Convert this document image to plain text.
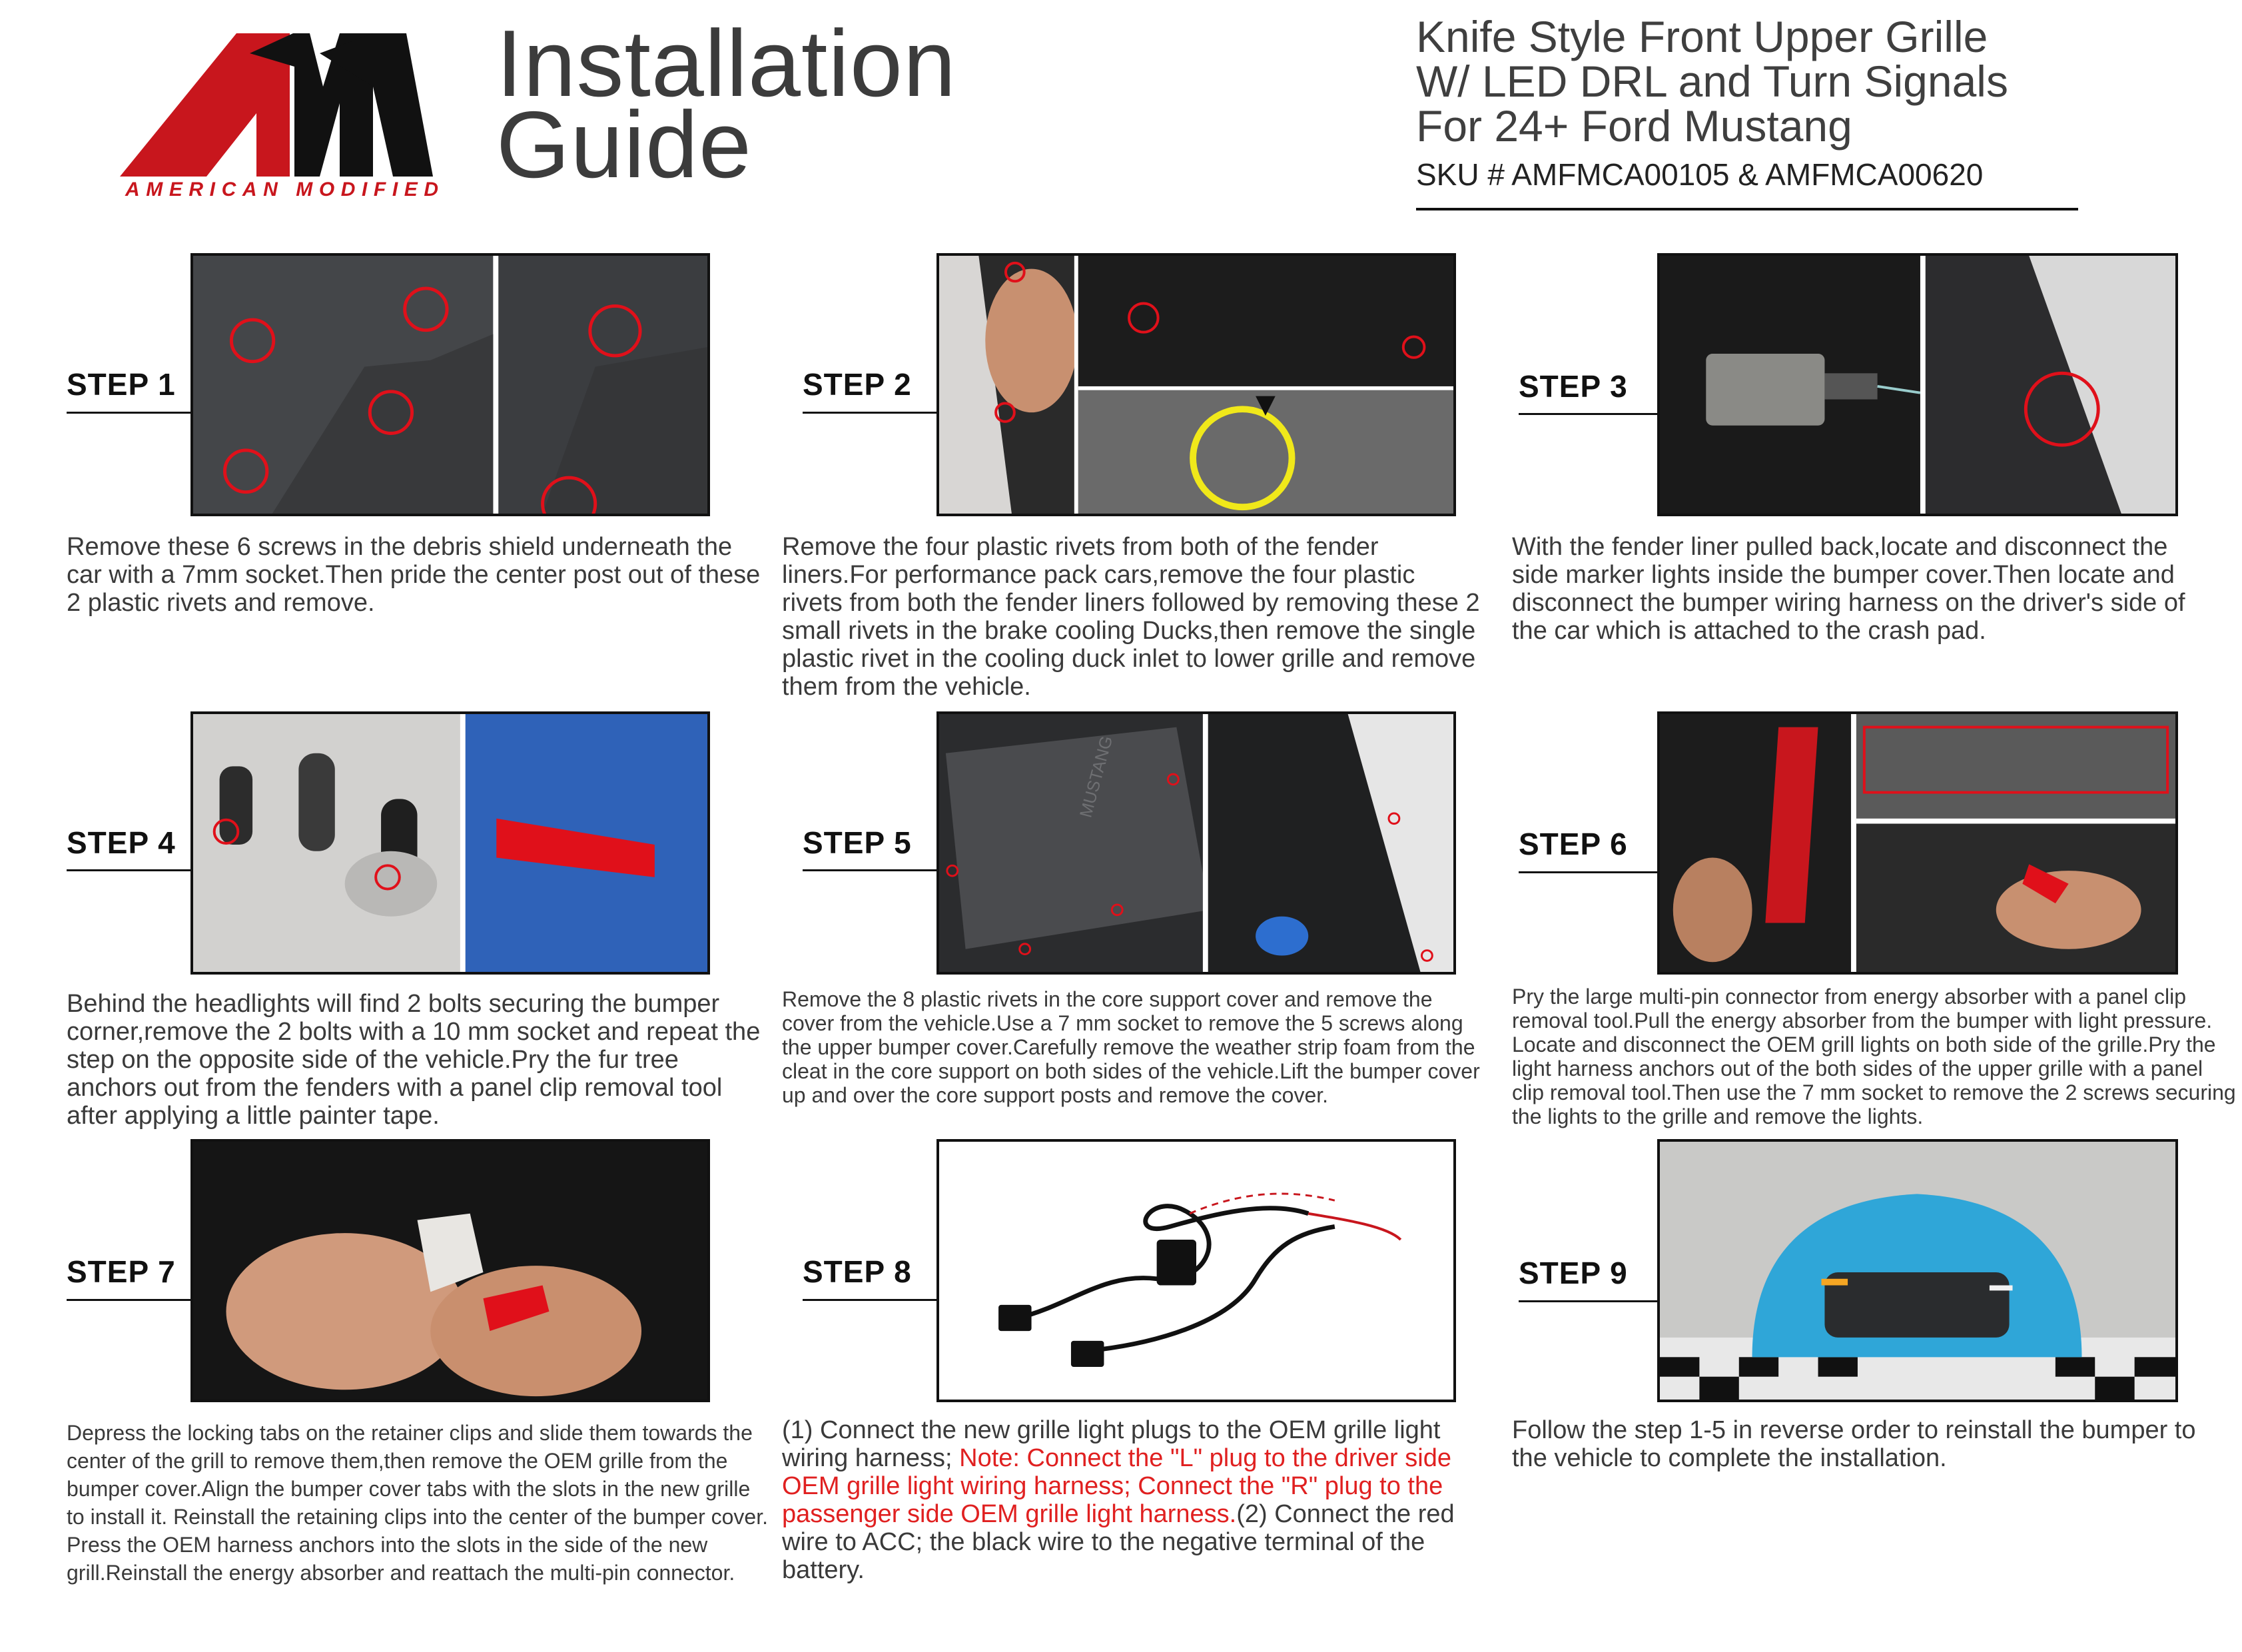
AMERICAN MODIFIED
Installation
Guide
Knife Style Front Upper Grille
W/ LED DRL and Turn Signals
For 24+ Ford Mustang
SKU # AMFMCA00105 & AMFMCA00620
STEP 1
Remove these 6 screws in the debris shield underneath the car with a 7mm socket.Then pride the center post out of these 2 plastic rivets and remove.
STEP 2
Remove the four plastic rivets from both of the fender liners.For performance pack cars,remove the four plastic rivets from both the fender liners followed by removing these 2 small rivets in the brake cooling Ducks,then remove the single plastic rivet in the cooling duck inlet to lower grille and remove them from the vehicle.
STEP 3
With the fender liner pulled back,locate and disconnect the side marker lights inside the bumper cover.Then locate and disconnect the bumper wiring harness on the driver's side of the car which is attached to the crash pad.
STEP 4
Behind the headlights will find 2 bolts securing the bumper corner,remove the 2 bolts with a 10 mm socket and repeat the step on the opposite side of the vehicle.Pry the fur tree anchors out from the fenders with a panel clip removal tool after applying a little painter tape.
STEP 5
MUSTANG
Remove the 8 plastic rivets in the core support cover and remove the cover from the vehicle.Use a 7 mm socket to remove the 5 screws along the upper bumper cover.Carefully remove the weather strip foam from the cleat in the core support on both sides of the vehicle.Lift the bumper cover up and over the core support posts and remove the cover.
STEP 6
Pry the large multi-pin connector from energy absorber with a panel clip removal tool.Pull the energy absorber from the bumper with light pressure. Locate and disconnect the OEM grill lights on both side of the grille.Pry the light harness anchors out of the both sides of the upper grille with a panel clip removal tool.Then use the 7 mm socket to remove the 2 screws securing the lights to the grille and remove the lights.
STEP 7
Depress the locking tabs on the retainer clips and slide them towards the center of the grill to remove them,then remove the OEM grille from the bumper cover.Align the bumper cover tabs with the slots in the new grille to install it. Reinstall the retaining clips into the center of the bumper cover. Press the OEM harness anchors into the slots in the side of the new grill.Reinstall the energy absorber and reattach the multi-pin connector.
STEP 8
(1) Connect the new grille light plugs to the OEM grille light wiring harness; Note: Connect the "L" plug to the driver side OEM grille light wiring harness; Connect the "R" plug to the passenger side OEM grille light harness.(2) Connect the red wire to ACC; the black wire to the negative terminal of the battery.
STEP 9
Follow the step 1-5 in reverse order to reinstall the bumper to the vehicle to complete the installation.
